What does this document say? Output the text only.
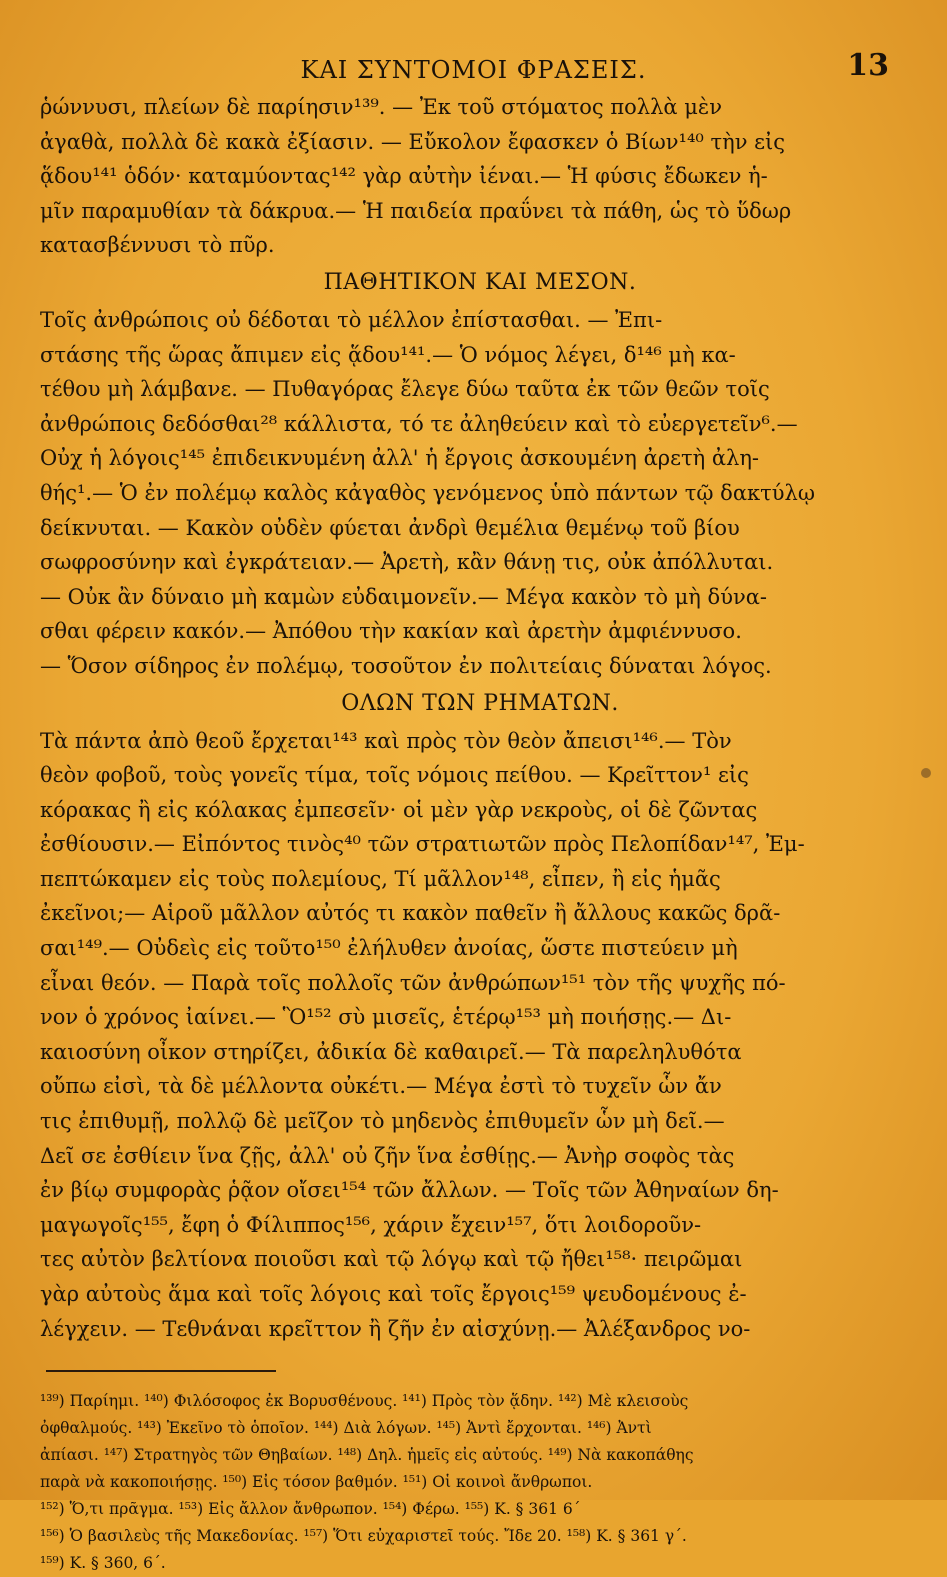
ΚΑΙ ΣΥΝΤΟΜΟΙ ΦΡΑΣΕΙΣ.	13
ῥώννυσι, πλείων δὲ παρίησιν¹³⁹. — Ἐκ τοῦ στόματος πολλὰ μὲν
ἀγαθὰ, πολλὰ δὲ κακὰ ἐξίασιν. — Εὔκολον ἔφασκεν ὁ Βίων¹⁴⁰ τὴν εἰς
ᾅδου¹⁴¹ ὁδόν· καταμύοντας¹⁴² γὰρ αὐτὴν ἰέναι.— Ἡ φύσις ἔδωκεν ἡ-
μῖν παραμυθίαν τὰ δάκρυα.— Ἡ παιδεία πραΰνει τὰ πάθη, ὡς τὸ ὕδωρ
κατασβέννυσι τὸ πῦρ.
ΠΑΘΗΤΙΚΟΝ ΚΑΙ ΜΕΣΟΝ.
Τοῖς ἀνθρώποις οὐ δέδοται τὸ μέλλον ἐπίστασθαι. — Ἐπι-
στάσης τῆς ὥρας ἄπιμεν εἰς ᾅδου¹⁴¹.— Ὁ νόμος λέγει, δ¹⁴⁶ μὴ κα-
τέθου μὴ λάμβανε. — Πυθαγόρας ἔλεγε δύω ταῦτα ἐκ τῶν θεῶν τοῖς
ἀνθρώποις δεδόσθαι²⁸ κάλλιστα, τό τε ἀληθεύειν καὶ τὸ εὐεργετεῖν⁶.—
Οὐχ ἡ λόγοις¹⁴⁵ ἐπιδεικνυμένη ἀλλ' ἡ ἔργοις ἀσκουμένη ἀρετὴ ἀλη-
θής¹.— Ὁ ἐν πολέμῳ καλὸς κἀγαθὸς γενόμενος ὑπὸ πάντων τῷ δακτύλῳ
δείκνυται. — Κακὸν οὐδὲν φύεται ἀνδρὶ θεμέλια θεμένῳ τοῦ βίου
σωφροσύνην καὶ ἐγκράτειαν.— Ἀρετὴ, κἂν θάνῃ τις, οὐκ ἀπόλλυται.
— Οὐκ ἂν δύναιο μὴ καμὼν εὐδαιμονεῖν.— Μέγα κακὸν τὸ μὴ δύνα-
σθαι φέρειν κακόν.— Ἀπόθου τὴν κακίαν καὶ ἀρετὴν ἀμφιέννυσο.
— Ὅσον σίδηρος ἐν πολέμῳ, τοσοῦτον ἐν πολιτείαις δύναται λόγος.
ΟΛΩΝ ΤΩΝ ΡΗΜΑΤΩΝ.
Τὰ πάντα ἀπὸ θεοῦ ἔρχεται¹⁴³ καὶ πρὸς τὸν θεὸν ἄπεισι¹⁴⁶.— Τὸν
θεὸν φοβοῦ, τοὺς γονεῖς τίμα, τοῖς νόμοις πείθου. — Κρεῖττον¹ εἰς
κόρακας ἢ εἰς κόλακας ἐμπεσεῖν· οἱ μὲν γὰρ νεκροὺς, οἱ δὲ ζῶντας
ἐσθίουσιν.— Εἰπόντος τινὸς⁴⁰ τῶν στρατιωτῶν πρὸς Πελοπίδαν¹⁴⁷, Ἐμ-
πεπτώκαμεν εἰς τοὺς πολεμίους, Τί μᾶλλον¹⁴⁸, εἶπεν, ἢ εἰς ἡμᾶς
ἐκεῖνοι;— Αἱροῦ μᾶλλον αὐτός τι κακὸν παθεῖν ἢ ἄλλους κακῶς δρᾶ-
σαι¹⁴⁹.— Οὐδεὶς εἰς τοῦτο¹⁵⁰ ἐλήλυθεν ἀνοίας, ὥστε πιστεύειν μὴ
εἶναι θεόν. — Παρὰ τοῖς πολλοῖς τῶν ἀνθρώπων¹⁵¹ τὸν τῆς ψυχῆς πό-
νον ὁ χρόνος ἰαίνει.— Ὃ¹⁵² σὺ μισεῖς, ἑτέρῳ¹⁵³ μὴ ποιήσῃς.— Δι-
καιοσύνη οἶκον στηρίζει, ἀδικία δὲ καθαιρεῖ.— Τὰ παρεληλυθότα
οὔπω εἰσὶ, τὰ δὲ μέλλοντα οὐκέτι.— Μέγα ἐστὶ τὸ τυχεῖν ὧν ἄν
τις ἐπιθυμῇ, πολλῷ δὲ μεῖζον τὸ μηδενὸς ἐπιθυμεῖν ὧν μὴ δεῖ.—
Δεῖ σε ἐσθίειν ἵνα ζῇς, ἀλλ' οὐ ζῆν ἵνα ἐσθίῃς.— Ἀνὴρ σοφὸς τὰς
ἐν βίῳ συμφορὰς ῥᾷον οἴσει¹⁵⁴ τῶν ἄλλων. — Τοῖς τῶν Ἀθηναίων δη-
μαγωγοῖς¹⁵⁵, ἔφη ὁ Φίλιππος¹⁵⁶, χάριν ἔχειν¹⁵⁷, ὅτι λοιδοροῦν-
τες αὐτὸν βελτίονα ποιοῦσι καὶ τῷ λόγῳ καὶ τῷ ἤθει¹⁵⁸· πειρῶμαι
γὰρ αὐτοὺς ἅμα καὶ τοῖς λόγοις καὶ τοῖς ἔργοις¹⁵⁹ ψευδομένους ἐ-
λέγχειν. — Τεθνάναι κρεῖττον ἢ ζῆν ἐν αἰσχύνῃ.— Ἀλέξανδρος νο-
¹³⁹) Παρίημι. ¹⁴⁰) Φιλόσοφος ἐκ Βορυσθένους. ¹⁴¹) Πρὸς τὸν ᾅδην. ¹⁴²) Μὲ κλεισοὺς
ὀφθαλμούς. ¹⁴³) Ἐκεῖνο τὸ ὁποῖον. ¹⁴⁴) Διὰ λόγων. ¹⁴⁵) Ἀντὶ ἔρχονται. ¹⁴⁶) Ἀντὶ
ἀπίασι. ¹⁴⁷) Στρατηγὸς τῶν Θηβαίων. ¹⁴⁸) Δηλ. ἡμεῖς εἰς αὐτούς. ¹⁴⁹) Νὰ κακοπάθης
παρὰ νὰ κακοποιήσῃς. ¹⁵⁰) Εἰς τόσον βαθμόν. ¹⁵¹) Οἱ κοινοὶ ἄνθρωποι.
¹⁵²) Ὅ,τι πρᾶγμα. ¹⁵³) Εἰς ἄλλον ἄνθρωπον. ¹⁵⁴) Φέρω. ¹⁵⁵) Κ. § 361 6´
¹⁵⁶) Ὁ βασιλεὺς τῆς Μακεδονίας. ¹⁵⁷) Ὅτι εὐχαριστεῖ τούς. Ἴδε 20. ¹⁵⁸) Κ. § 361 γ´.
¹⁵⁹) Κ. § 360, 6´.
